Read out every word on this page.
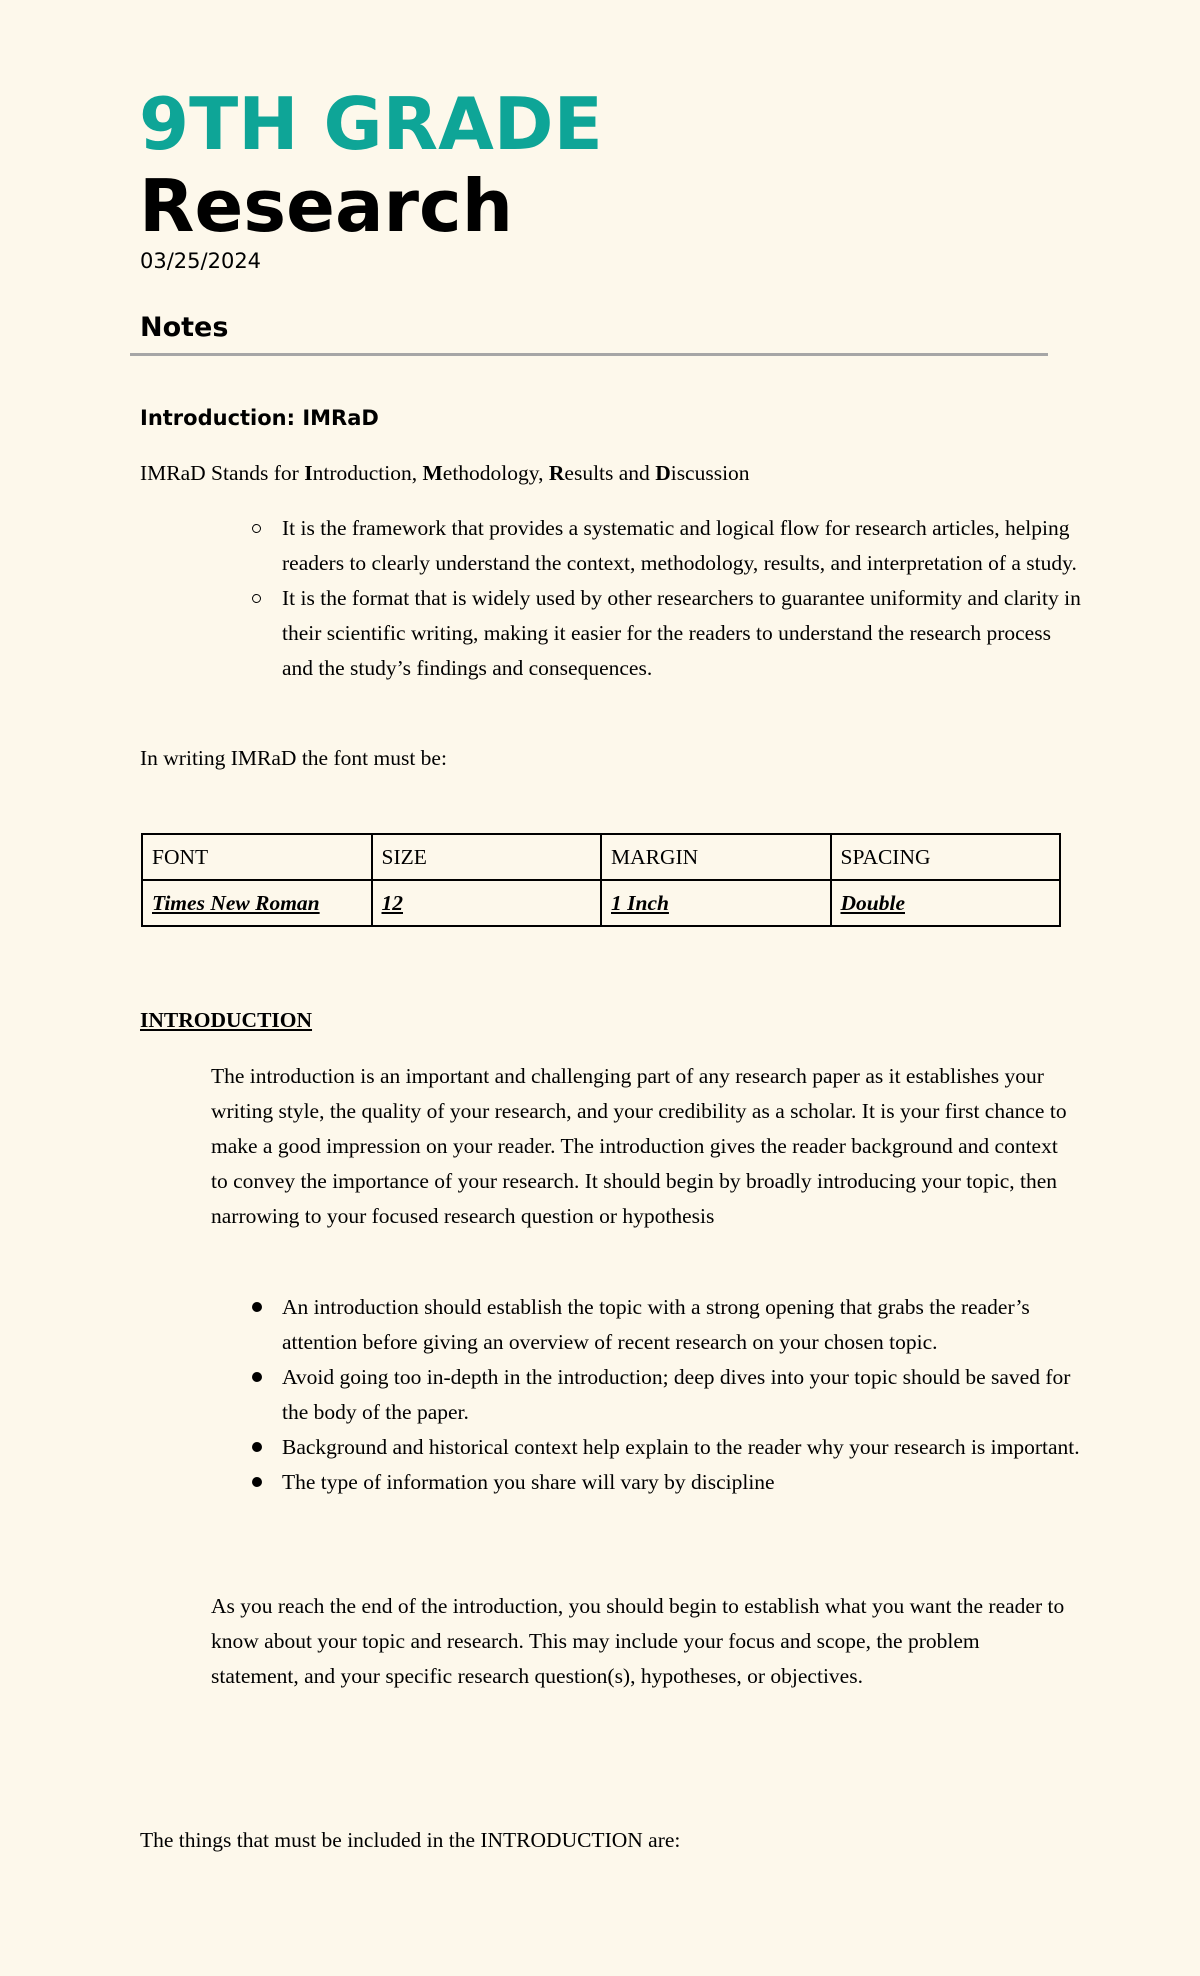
9TH GRADE
Research
03/25/2024
Notes
Introduction: IMRaD
IMRaD Stands for Introduction, Methodology, Results and Discussion
It is the framework that provides a systematic and logical flow for research articles, helping readers to clearly understand the context, methodology, results, and interpretation of a study.
It is the format that is widely used by other researchers to guarantee uniformity and clarity in their scientific writing, making it easier for the readers to understand the research process and the study’s findings and consequences.
In writing IMRaD the font must be:
FONT	SIZE	MARGIN	SPACING
Times New Roman	12	1 Inch	Double
INTRODUCTION
The introduction is an important and challenging part of any research paper as it establishes your writing style, the quality of your research, and your credibility as a scholar. It is your first chance to make a good impression on your reader. The introduction gives the reader background and context to convey the importance of your research. It should begin by broadly introducing your topic, then narrowing to your focused research question or hypothesis
An introduction should establish the topic with a strong opening that grabs the reader’s attention before giving an overview of recent research on your chosen topic.
Avoid going too in-depth in the introduction; deep dives into your topic should be saved for the body of the paper.
Background and historical context help explain to the reader why your research is important.
The type of information you share will vary by discipline
As you reach the end of the introduction, you should begin to establish what you want the reader to know about your topic and research. This may include your focus and scope, the problem statement, and your specific research question(s), hypotheses, or objectives.
The things that must be included in the INTRODUCTION are:
